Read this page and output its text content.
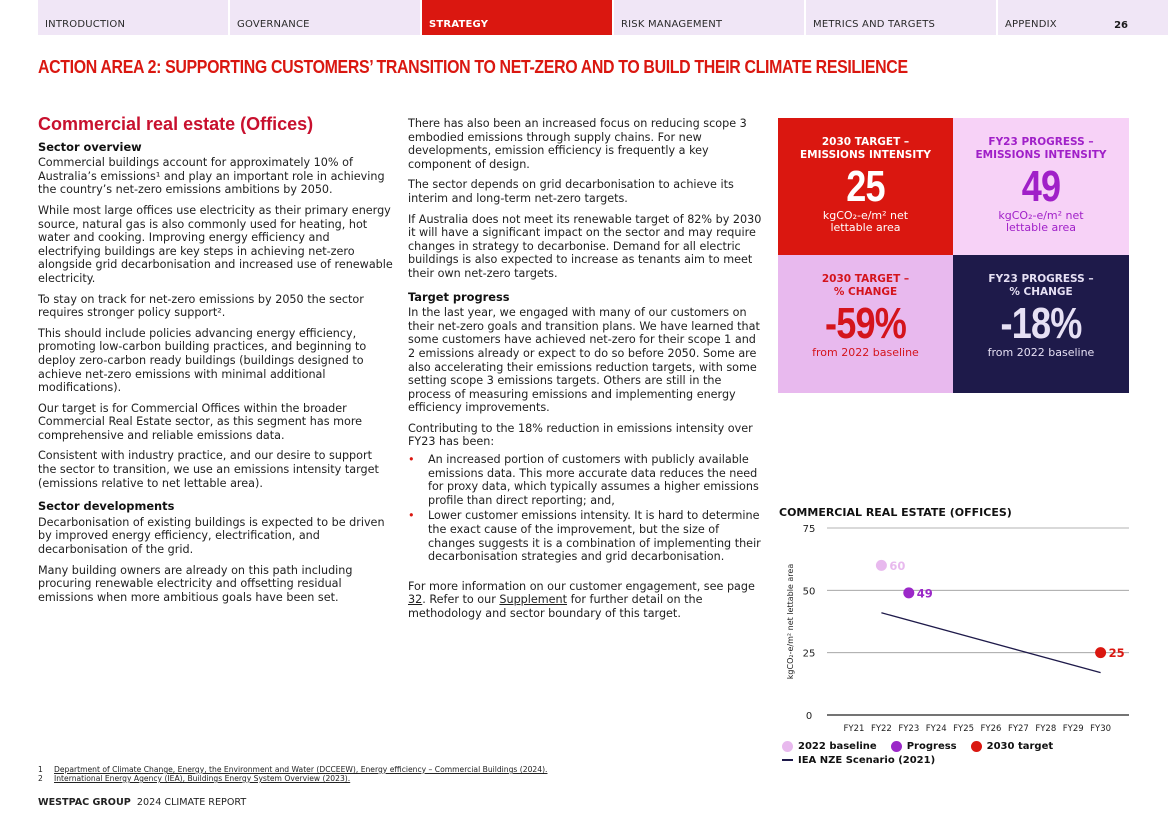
INTRODUCTION	GOVERNANCE	STRATEGY	RISK MANAGEMENT	METRICS AND TARGETS	APPENDIX	26
ACTION AREA 2: SUPPORTING CUSTOMERS’ TRANSITION TO NET-ZERO AND TO BUILD THEIR CLIMATE RESILIENCE
Commercial real estate (Offices)
Sector overview

Commercial buildings account for approximately 10% of Australia’s emissions¹ and play an important role in achieving the country’s net-zero emissions ambitions by 2050.

While most large offices use electricity as their primary energy source, natural gas is also commonly used for heating, hot water and cooking. Improving energy efficiency and electrifying buildings are key steps in achieving net-zero alongside grid decarbonisation and increased use of renewable electricity.

To stay on track for net-zero emissions by 2050 the sector requires stronger policy support².

This should include policies advancing energy efficiency, promoting low-carbon building practices, and beginning to deploy zero-carbon ready buildings (buildings designed to achieve net-zero emissions with minimal additional modifications).

Our target is for Commercial Offices within the broader Commercial Real Estate sector, as this segment has more comprehensive and reliable emissions data.

Consistent with industry practice, and our desire to support the sector to transition, we use an emissions intensity target (emissions relative to net lettable area).

Sector developments

Decarbonisation of existing buildings is expected to be driven by improved energy efficiency, electrification, and decarbonisation of the grid.

Many building owners are already on this path including procuring renewable electricity and offsetting residual emissions when more ambitious goals have been set.

There has also been an increased focus on reducing scope 3 embodied emissions through supply chains. For new developments, emission efficiency is frequently a key component of design.

The sector depends on grid decarbonisation to achieve its interim and long-term net-zero targets.

If Australia does not meet its renewable target of 82% by 2030 it will have a significant impact on the sector and may require changes in strategy to decarbonise. Demand for all electric buildings is also expected to increase as tenants aim to meet their own net-zero targets.

Target progress

In the last year, we engaged with many of our customers on their net-zero goals and transition plans. We have learned that some customers have achieved net-zero for their scope 1 and 2 emissions already or expect to do so before 2050. Some are also accelerating their emissions reduction targets, with some setting scope 3 emissions targets. Others are still in the process of measuring emissions and implementing energy efficiency improvements.

Contributing to the 18% reduction in emissions intensity over FY23 has been:

• An increased portion of customers with publicly available emissions data. This more accurate data reduces the need for proxy data, which typically assumes a higher emissions profile than direct reporting; and,
• Lower customer emissions intensity. It is hard to determine the exact cause of the improvement, but the size of changes suggests it is a combination of implementing their decarbonisation strategies and grid decarbonisation.

For more information on our customer engagement, see page 32. Refer to our Supplement for further detail on the methodology and sector boundary of this target.

2030 TARGET –
EMISSIONS INTENSITY
25
kgCO₂-e/m² net
lettable area
FY23 PROGRESS –
EMISSIONS INTENSITY
49
kgCO₂-e/m² net
lettable area
2030 TARGET –
% CHANGE
-59%
from 2022 baseline
FY23 PROGRESS –
% CHANGE
-18%
from 2022 baseline
COMMERCIAL REAL ESTATE (OFFICES)
0
25
50
75
kgCO₂-e/m² net lettable area
FY21 FY22 FY23 FY24 FY25 FY26 FY27 FY28 FY29 FY30
60
49
25
2022 baseline	Progress	2030 target
IEA NZE Scenario (2021)
1	Department of Climate Change, Energy, the Environment and Water (DCCEEW), Energy efficiency – Commercial Buildings (2024).
2	International Energy Agency (IEA), Buildings Energy System Overview (2023).
WESTPAC GROUP 2024 CLIMATE REPORT
